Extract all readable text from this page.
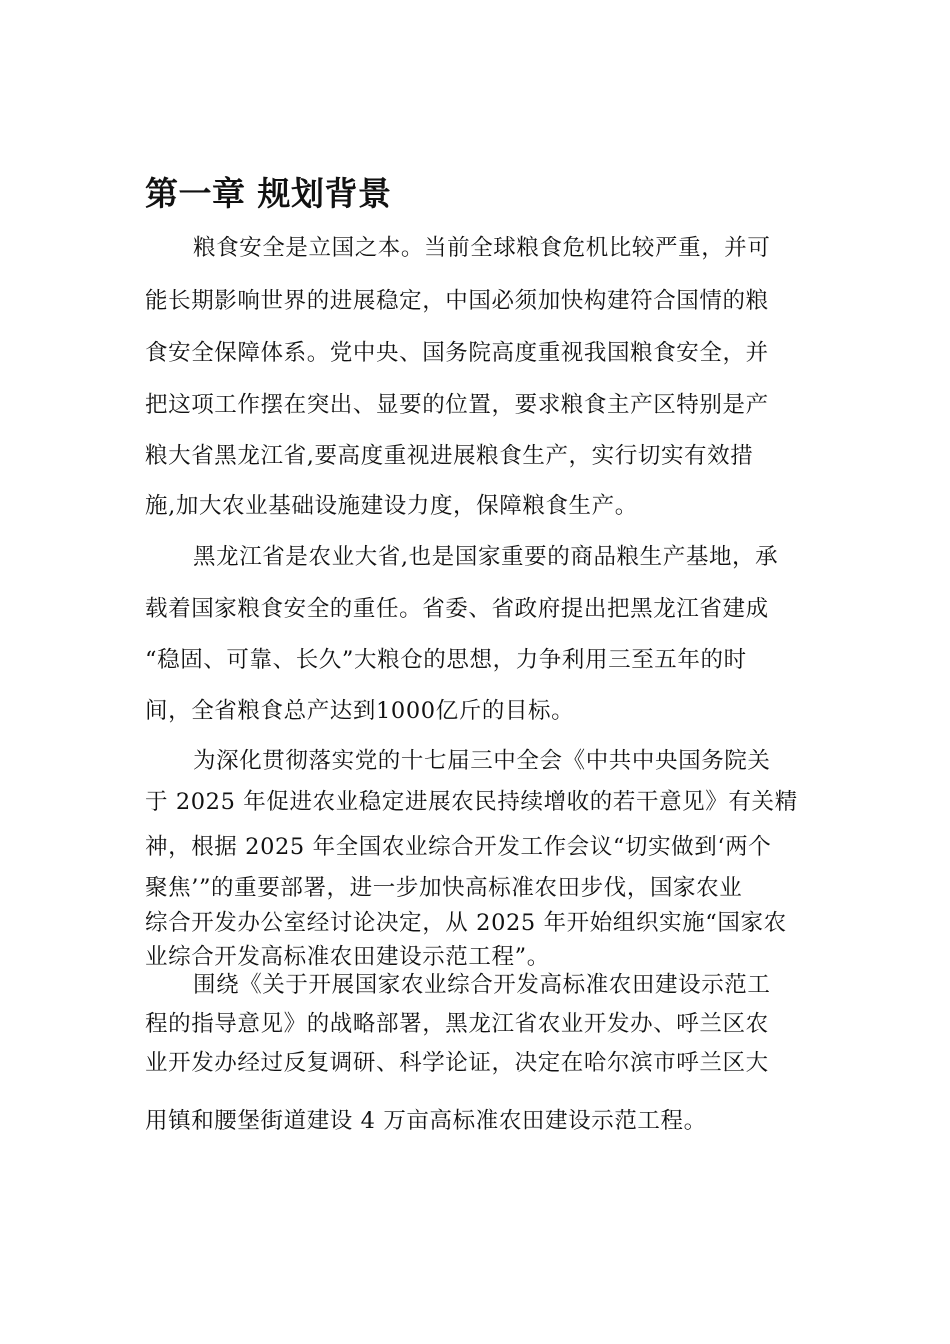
第一章 规划背景

粮食安全是立国之本。当前全球粮食危机比较严重，并可

能长期影响世界的进展稳定，中国必须加快构建符合国情的粮

食安全保障体系。党中央、国务院高度重视我国粮食安全，并

把这项工作摆在突出、显要的位置，要求粮食主产区特别是产

粮大省黑龙江省,要高度重视进展粮食生产，实行切实有效措

施,加大农业基础设施建设力度，保障粮食生产。

黑龙江省是农业大省,也是国家重要的商品粮生产基地，承

载着国家粮食安全的重任。省委、省政府提出把黑龙江省建成

“稳固、可靠、长久”大粮仓的思想，力争利用三至五年的时

间，全省粮食总产达到1000亿斤的目标。

为深化贯彻落实党的十七届三中全会《中共中央国务院关

于 2025 年促进农业稳定进展农民持续增收的若干意见》有关精

神，根据 2025 年全国农业综合开发工作会议“切实做到‘两个

聚焦’”的重要部署，进一步加快高标准农田步伐，国家农业

综合开发办公室经讨论决定，从 2025 年开始组织实施“国家农

业综合开发高标准农田建设示范工程”。

围绕《关于开展国家农业综合开发高标准农田建设示范工

程的指导意见》的战略部署，黑龙江省农业开发办、呼兰区农

业开发办经过反复调研、科学论证，决定在哈尔滨市呼兰区大

用镇和腰堡街道建设 4 万亩高标准农田建设示范工程。
